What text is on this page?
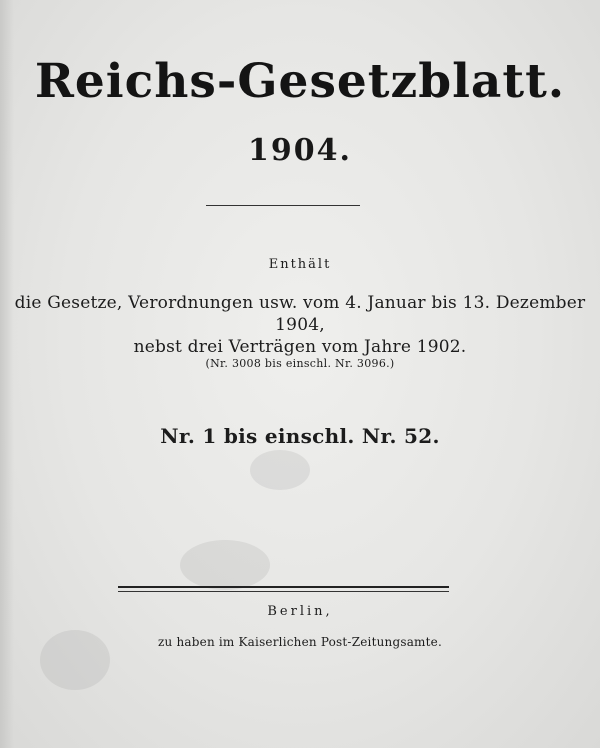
Reichs-Gesetzblatt.
1904.
Enthält
die Gesetze, Verordnungen usw. vom 4. Januar bis 13. Dezember 1904,
nebst drei Verträgen vom Jahre 1902.
(Nr. 3008 bis einschl. Nr. 3096.)
Nr. 1 bis einschl. Nr. 52.
Berlin,
zu haben im Kaiserlichen Post-Zeitungsamte.
